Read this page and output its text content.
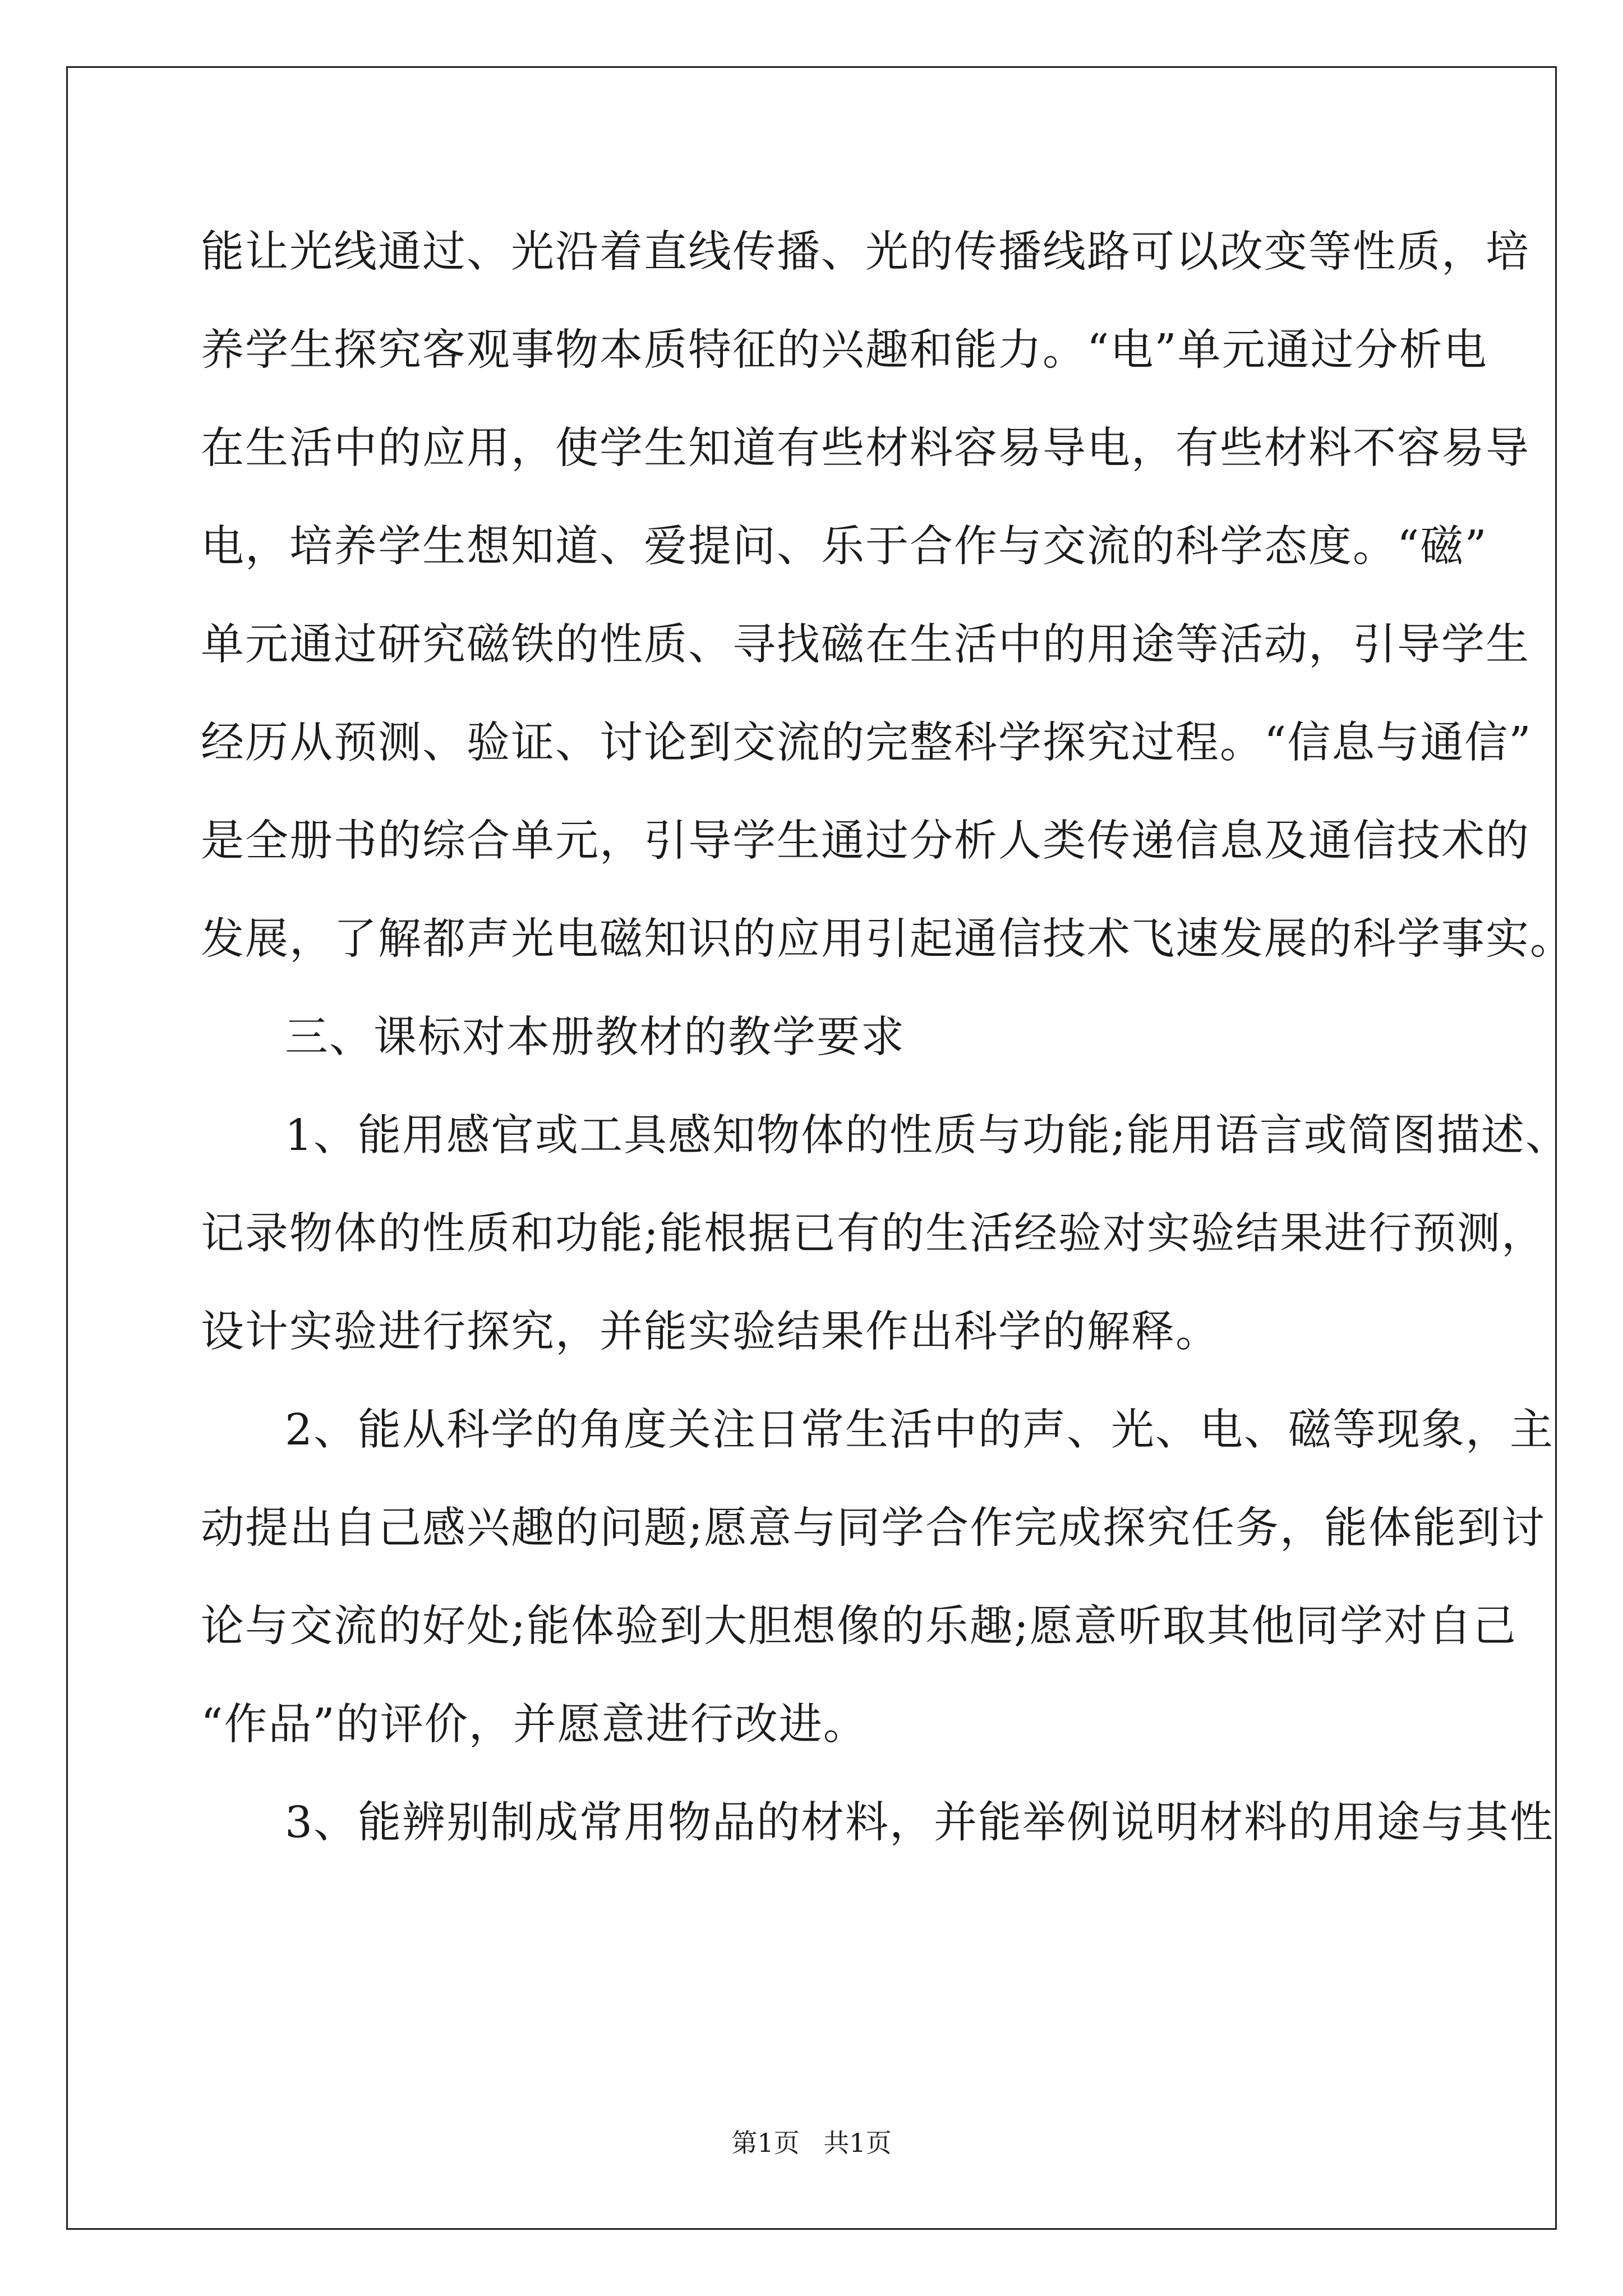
能让光线通过、光沿着直线传播、光的传播线路可以改变等性质，培
养学生探究客观事物本质特征的兴趣和能力。“电”单元通过分析电
在生活中的应用，使学生知道有些材料容易导电，有些材料不容易导
电，培养学生想知道、爱提问、乐于合作与交流的科学态度。“磁”
单元通过研究磁铁的性质、寻找磁在生活中的用途等活动，引导学生
经历从预测、验证、讨论到交流的完整科学探究过程。“信息与通信”
是全册书的综合单元，引导学生通过分析人类传递信息及通信技术的
发展，了解都声光电磁知识的应用引起通信技术飞速发展的科学事实。
三、课标对本册教材的教学要求
1、能用感官或工具感知物体的性质与功能;能用语言或简图描述、
记录物体的性质和功能;能根据已有的生活经验对实验结果进行预测，
设计实验进行探究，并能实验结果作出科学的解释。
2、能从科学的角度关注日常生活中的声、光、电、磁等现象，主
动提出自己感兴趣的问题;愿意与同学合作完成探究任务，能体能到讨
论与交流的好处;能体验到大胆想像的乐趣;愿意听取其他同学对自己
“作品”的评价，并愿意进行改进。
3、能辨别制成常用物品的材料，并能举例说明材料的用途与其性
第1页 共1页
